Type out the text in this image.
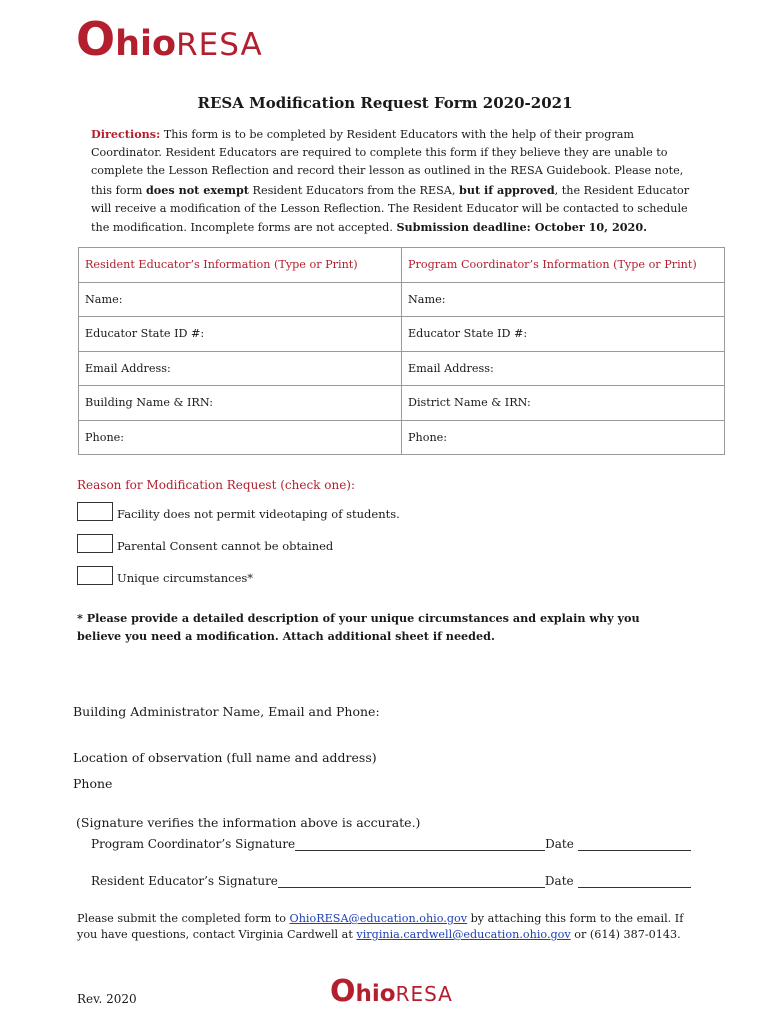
OhioRESA
RESA Modification Request Form 2020-2021
Directions: This form is to be completed by Resident Educators with the help of their program Coordinator. Resident Educators are required to complete this form if they believe they are unable to complete the Lesson Reflection and record their lesson as outlined in the RESA Guidebook. Please note, this form does not exempt Resident Educators from the RESA, but if approved, the Resident Educator will receive a modification of the Lesson Reflection. The Resident Educator will be contacted to schedule the modification. Incomplete forms are not accepted. Submission deadline: October 10, 2020.
Resident Educator’s Information (Type or Print)	Program Coordinator’s Information (Type or Print)
Name:	Name:
Educator State ID #:	Educator State ID #:
Email Address:	Email Address:
Building Name & IRN:	District Name & IRN:
Phone:	Phone:
Reason for Modification Request (check one):
Facility does not permit videotaping of students.
Parental Consent cannot be obtained
Unique circumstances*
* Please provide a detailed description of your unique circumstances and explain why you believe you need a modification. Attach additional sheet if needed.
Building Administrator Name, Email and Phone:
Location of observation (full name and address)
Phone
(Signature verifies the information above is accurate.)
Program Coordinator’s Signature	Date
Resident Educator’s Signature	Date
Please submit the completed form to OhioRESA@education.ohio.gov by attaching this form to the email. If you have questions, contact Virginia Cardwell at virginia.cardwell@education.ohio.gov or (614) 387-0143.
Rev. 2020	OhioRESA
